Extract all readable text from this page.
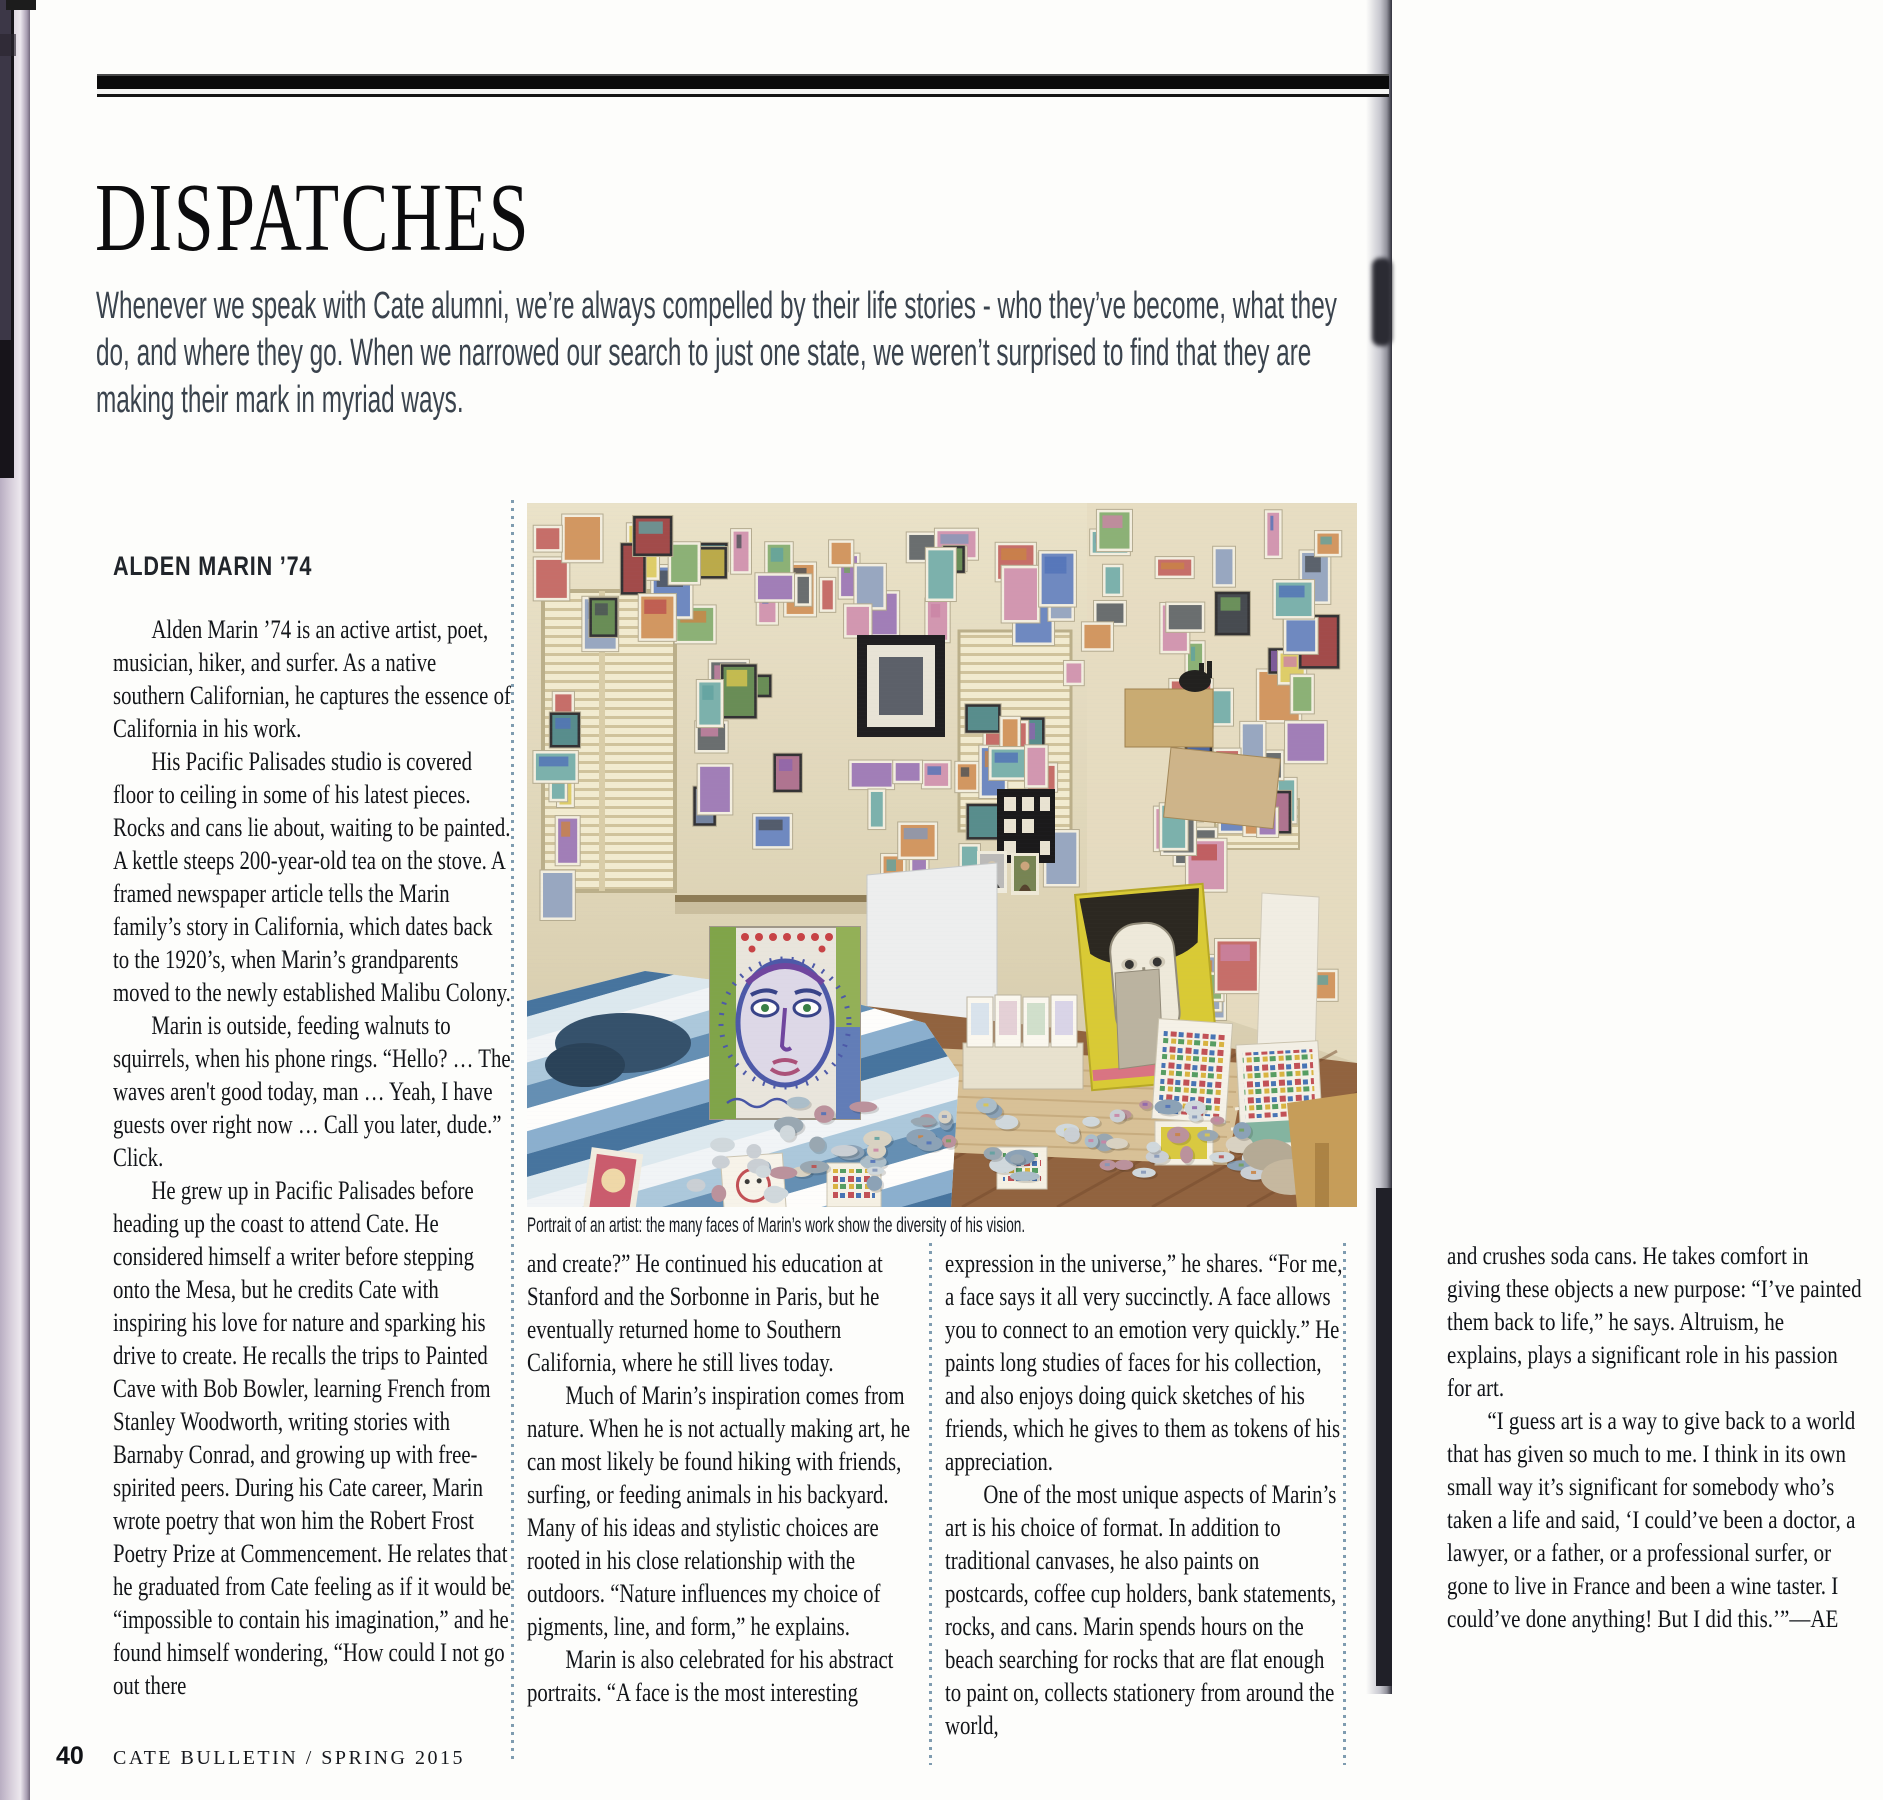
DISPATCHES
Whenever we speak with Cate alumni, we’re always compelled by their life stories - who they’ve become, what they do, and where they go. When we narrowed our search to just one state, we weren’t surprised to find that they are making their mark in myriad ways.
ALDEN MARIN ’74

Alden Marin ’74 is an active artist, poet, musician, hiker, and surfer. As a native southern Californian, he captures the essence of California in his work.

His Pacific Palisades studio is covered floor to ceiling in some of his latest pieces. Rocks and cans lie about, waiting to be painted. A kettle steeps 200-year-old tea on the stove. A framed newspaper article tells the Marin family’s story in California, which dates back to the 1920’s, when Marin’s grandparents moved to the newly established Malibu Colony.

Marin is outside, feeding walnuts to squirrels, when his phone rings. “Hello? … The waves aren't good today, man … Yeah, I have guests over right now … Call you later, dude.” Click.

He grew up in Pacific Palisades before heading up the coast to attend Cate. He considered himself a writer before stepping onto the Mesa, but he credits Cate with inspiring his love for nature and sparking his drive to create. He recalls the trips to Painted Cave with Bob Bowler, learning French from Stanley Woodworth, writing stories with Barnaby Conrad, and growing up with free-spirited peers. During his Cate career, Marin wrote poetry that won him the Robert Frost Poetry Prize at Commencement. He relates that he graduated from Cate feeling as if it would be “impossible to contain his imagination,” and he found himself wondering, “How could I not go out there

Portrait of an artist: the many faces of Marin’s work show the diversity of his vision.

and create?” He continued his education at Stanford and the Sorbonne in Paris, but he eventually returned home to Southern California, where he still lives today.

Much of Marin’s inspiration comes from nature. When he is not actually making art, he can most likely be found hiking with friends, surfing, or feeding animals in his backyard. Many of his ideas and stylistic choices are rooted in his close relationship with the outdoors. “Nature influences my choice of pigments, line, and form,” he explains.

Marin is also celebrated for his abstract portraits. “A face is the most interesting

expression in the universe,” he shares. “For me, a face says it all very succinctly. A face allows you to connect to an emotion very quickly.” He paints long studies of faces for his collection, and also enjoys doing quick sketches of his friends, which he gives to them as tokens of his appreciation.

One of the most unique aspects of Marin’s art is his choice of format. In addition to traditional canvases, he also paints on postcards, coffee cup holders, bank statements, rocks, and cans. Marin spends hours on the beach searching for rocks that are flat enough to paint on, collects stationery from around the world,

and crushes soda cans. He takes comfort in giving these objects a new purpose: “I’ve painted them back to life,” he says. Altruism, he explains, plays a significant role in his passion for art.

“I guess art is a way to give back to a world that has given so much to me. I think in its own small way it’s significant for somebody who’s taken a life and said, ‘I could’ve been a doctor, a lawyer, or a father, or a professional surfer, or gone to live in France and been a wine taster. I could’ve done anything! But I did this.’”—AE

40 CATE BULLETIN / SPRING 2015
